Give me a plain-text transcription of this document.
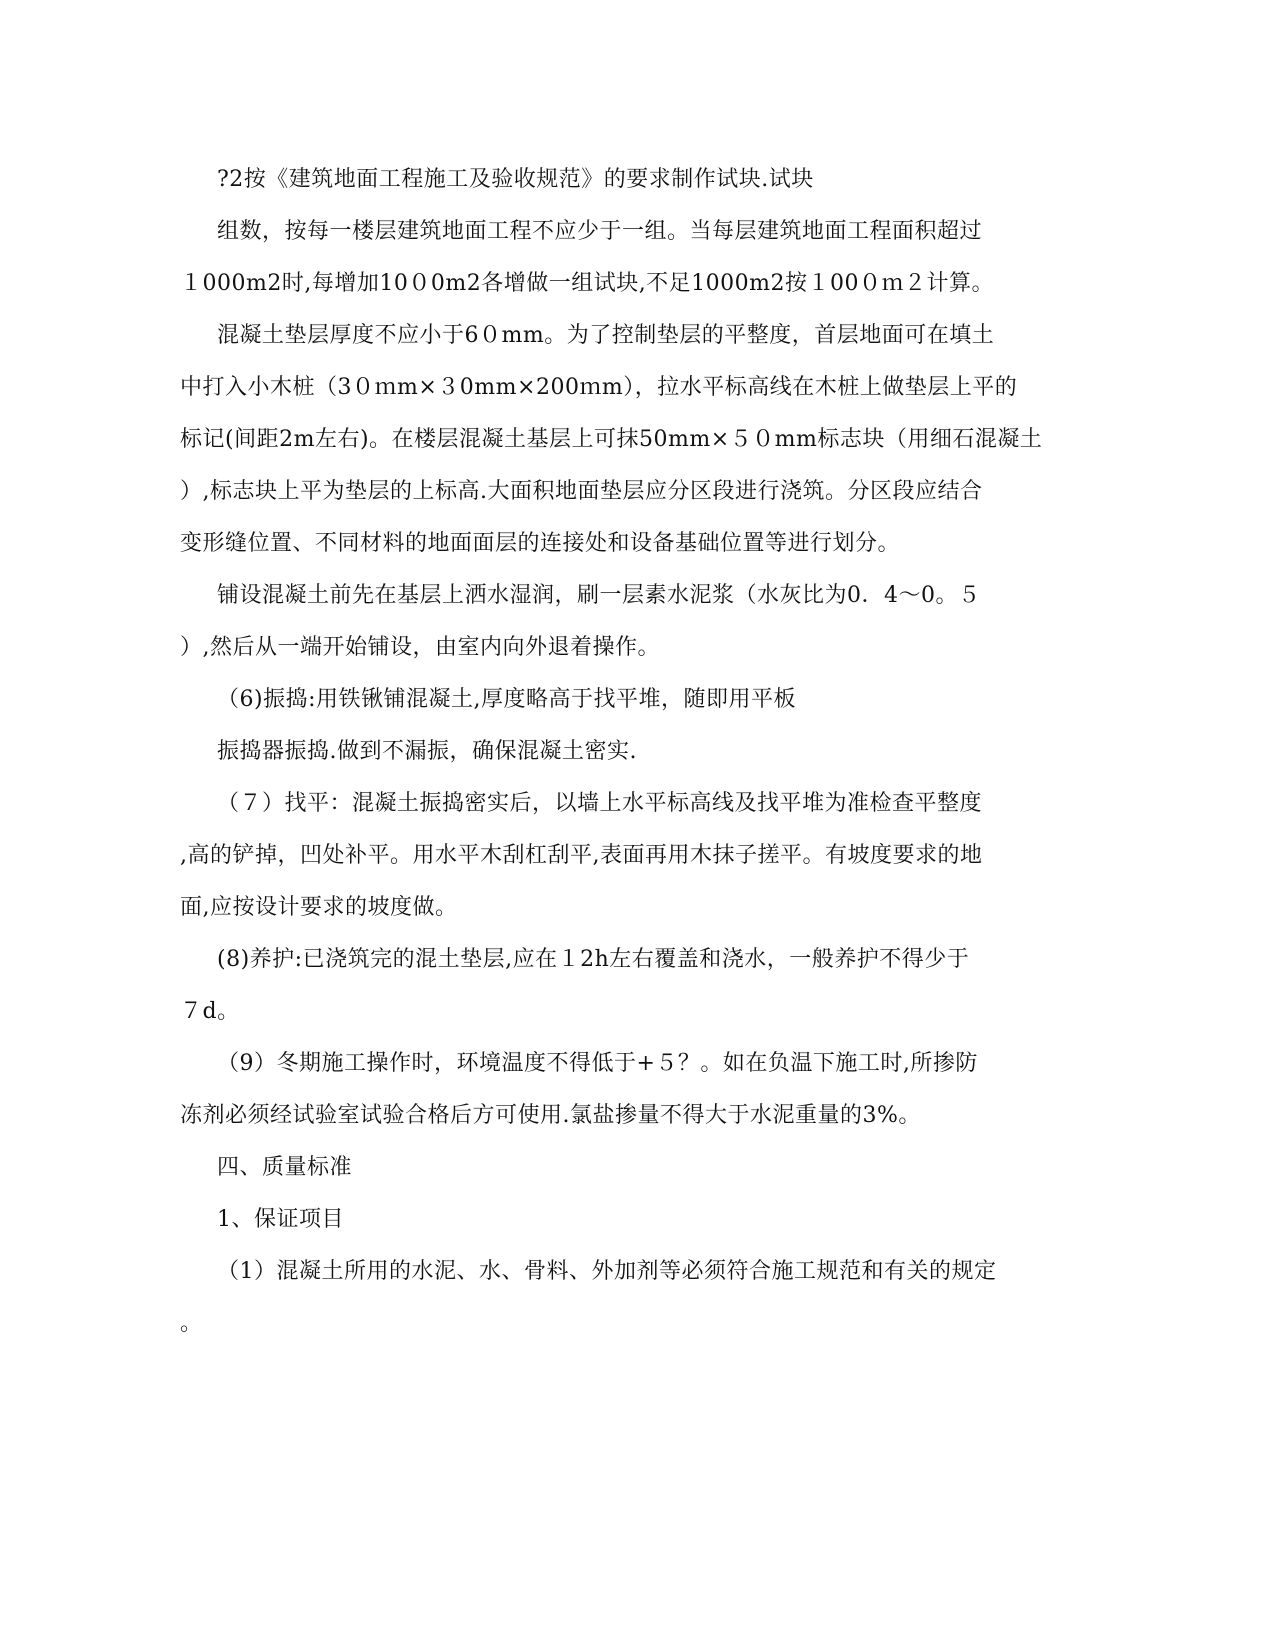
?2按《建筑地面工程施工及验收规范》的要求制作试块.试块
组数，按每一楼层建筑地面工程不应少于一组。当每层建筑地面工程面积超过
１000m2时,每增加10０0m2各增做一组试块,不足1000m2按１00０ｍ２计算。
混凝土垫层厚度不应小于6０mm。为了控制垫层的平整度，首层地面可在填土
中打入小木桩（3０ｍm×３0mm×200ｍm），拉水平标高线在木桩上做垫层上平的
标记(间距2m左右)。在楼层混凝土基层上可抹50mm×５０mm标志块（用细石混凝土
）,标志块上平为垫层的上标高.大面积地面垫层应分区段进行浇筑。分区段应结合
变形缝位置、不同材料的地面面层的连接处和设备基础位置等进行划分。
铺设混凝土前先在基层上洒水湿润，刷一层素水泥浆（水灰比为0．4～0。５
）,然后从一端开始铺设，由室内向外退着操作。
（6)振捣:用铁锹铺混凝土,厚度略高于找平堆，随即用平板
振捣器振捣.做到不漏振，确保混凝土密实.
（７）找平：混凝土振捣密实后，以墙上水平标高线及找平堆为准检查平整度
,高的铲掉，凹处补平。用水平木刮杠刮平,表面再用木抹子搓平。有坡度要求的地
面,应按设计要求的坡度做。
(8)养护:已浇筑完的混土垫层,应在１2h左右覆盖和浇水，一般养护不得少于
７d。
（9）冬期施工操作时，环境温度不得低于+５？。如在负温下施工时,所掺防
冻剂必须经试验室试验合格后方可使用.氯盐掺量不得大于水泥重量的3%。
四、质量标准
1、保证项目
（1）混凝土所用的水泥、水、骨料、外加剂等必须符合施工规范和有关的规定
。
